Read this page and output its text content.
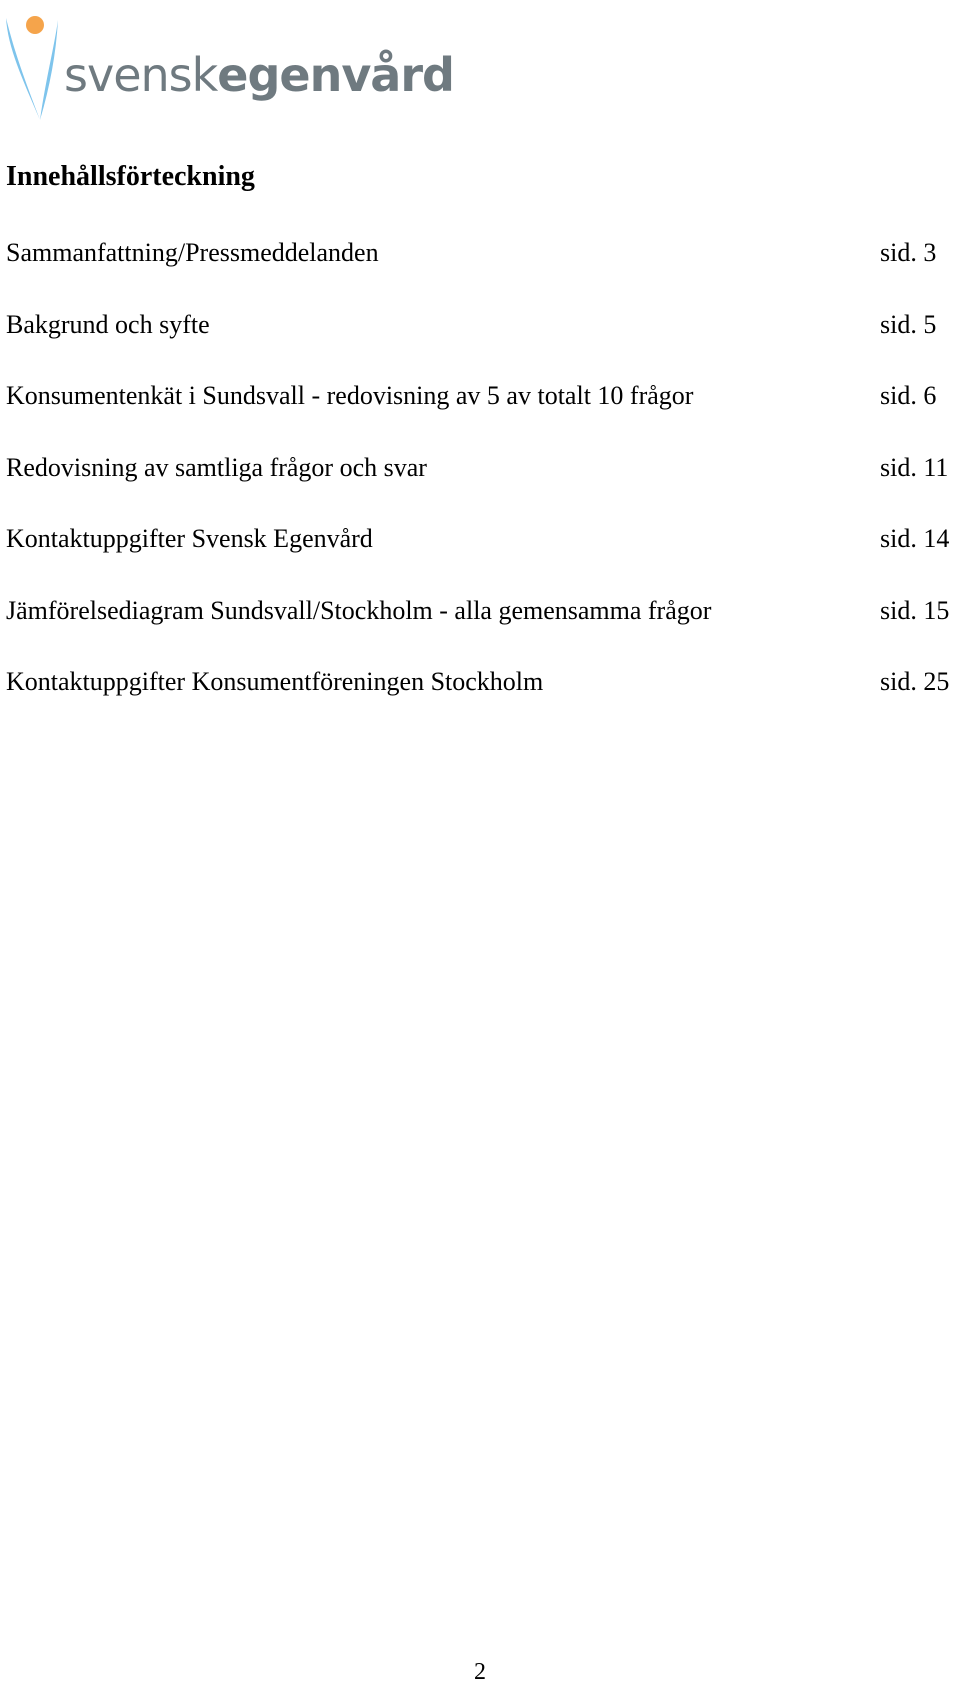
svenskegenvård
Innehållsförteckning
Sammanfattning/Pressmeddelanden	sid. 3
Bakgrund och syfte	sid. 5
Konsumentenkät i Sundsvall - redovisning av 5 av totalt 10 frågor	sid. 6
Redovisning av samtliga frågor och svar	sid. 11
Kontaktuppgifter Svensk Egenvård	sid. 14
Jämförelsediagram Sundsvall/Stockholm - alla gemensamma frågor	sid. 15
Kontaktuppgifter Konsumentföreningen Stockholm	sid. 25
2
